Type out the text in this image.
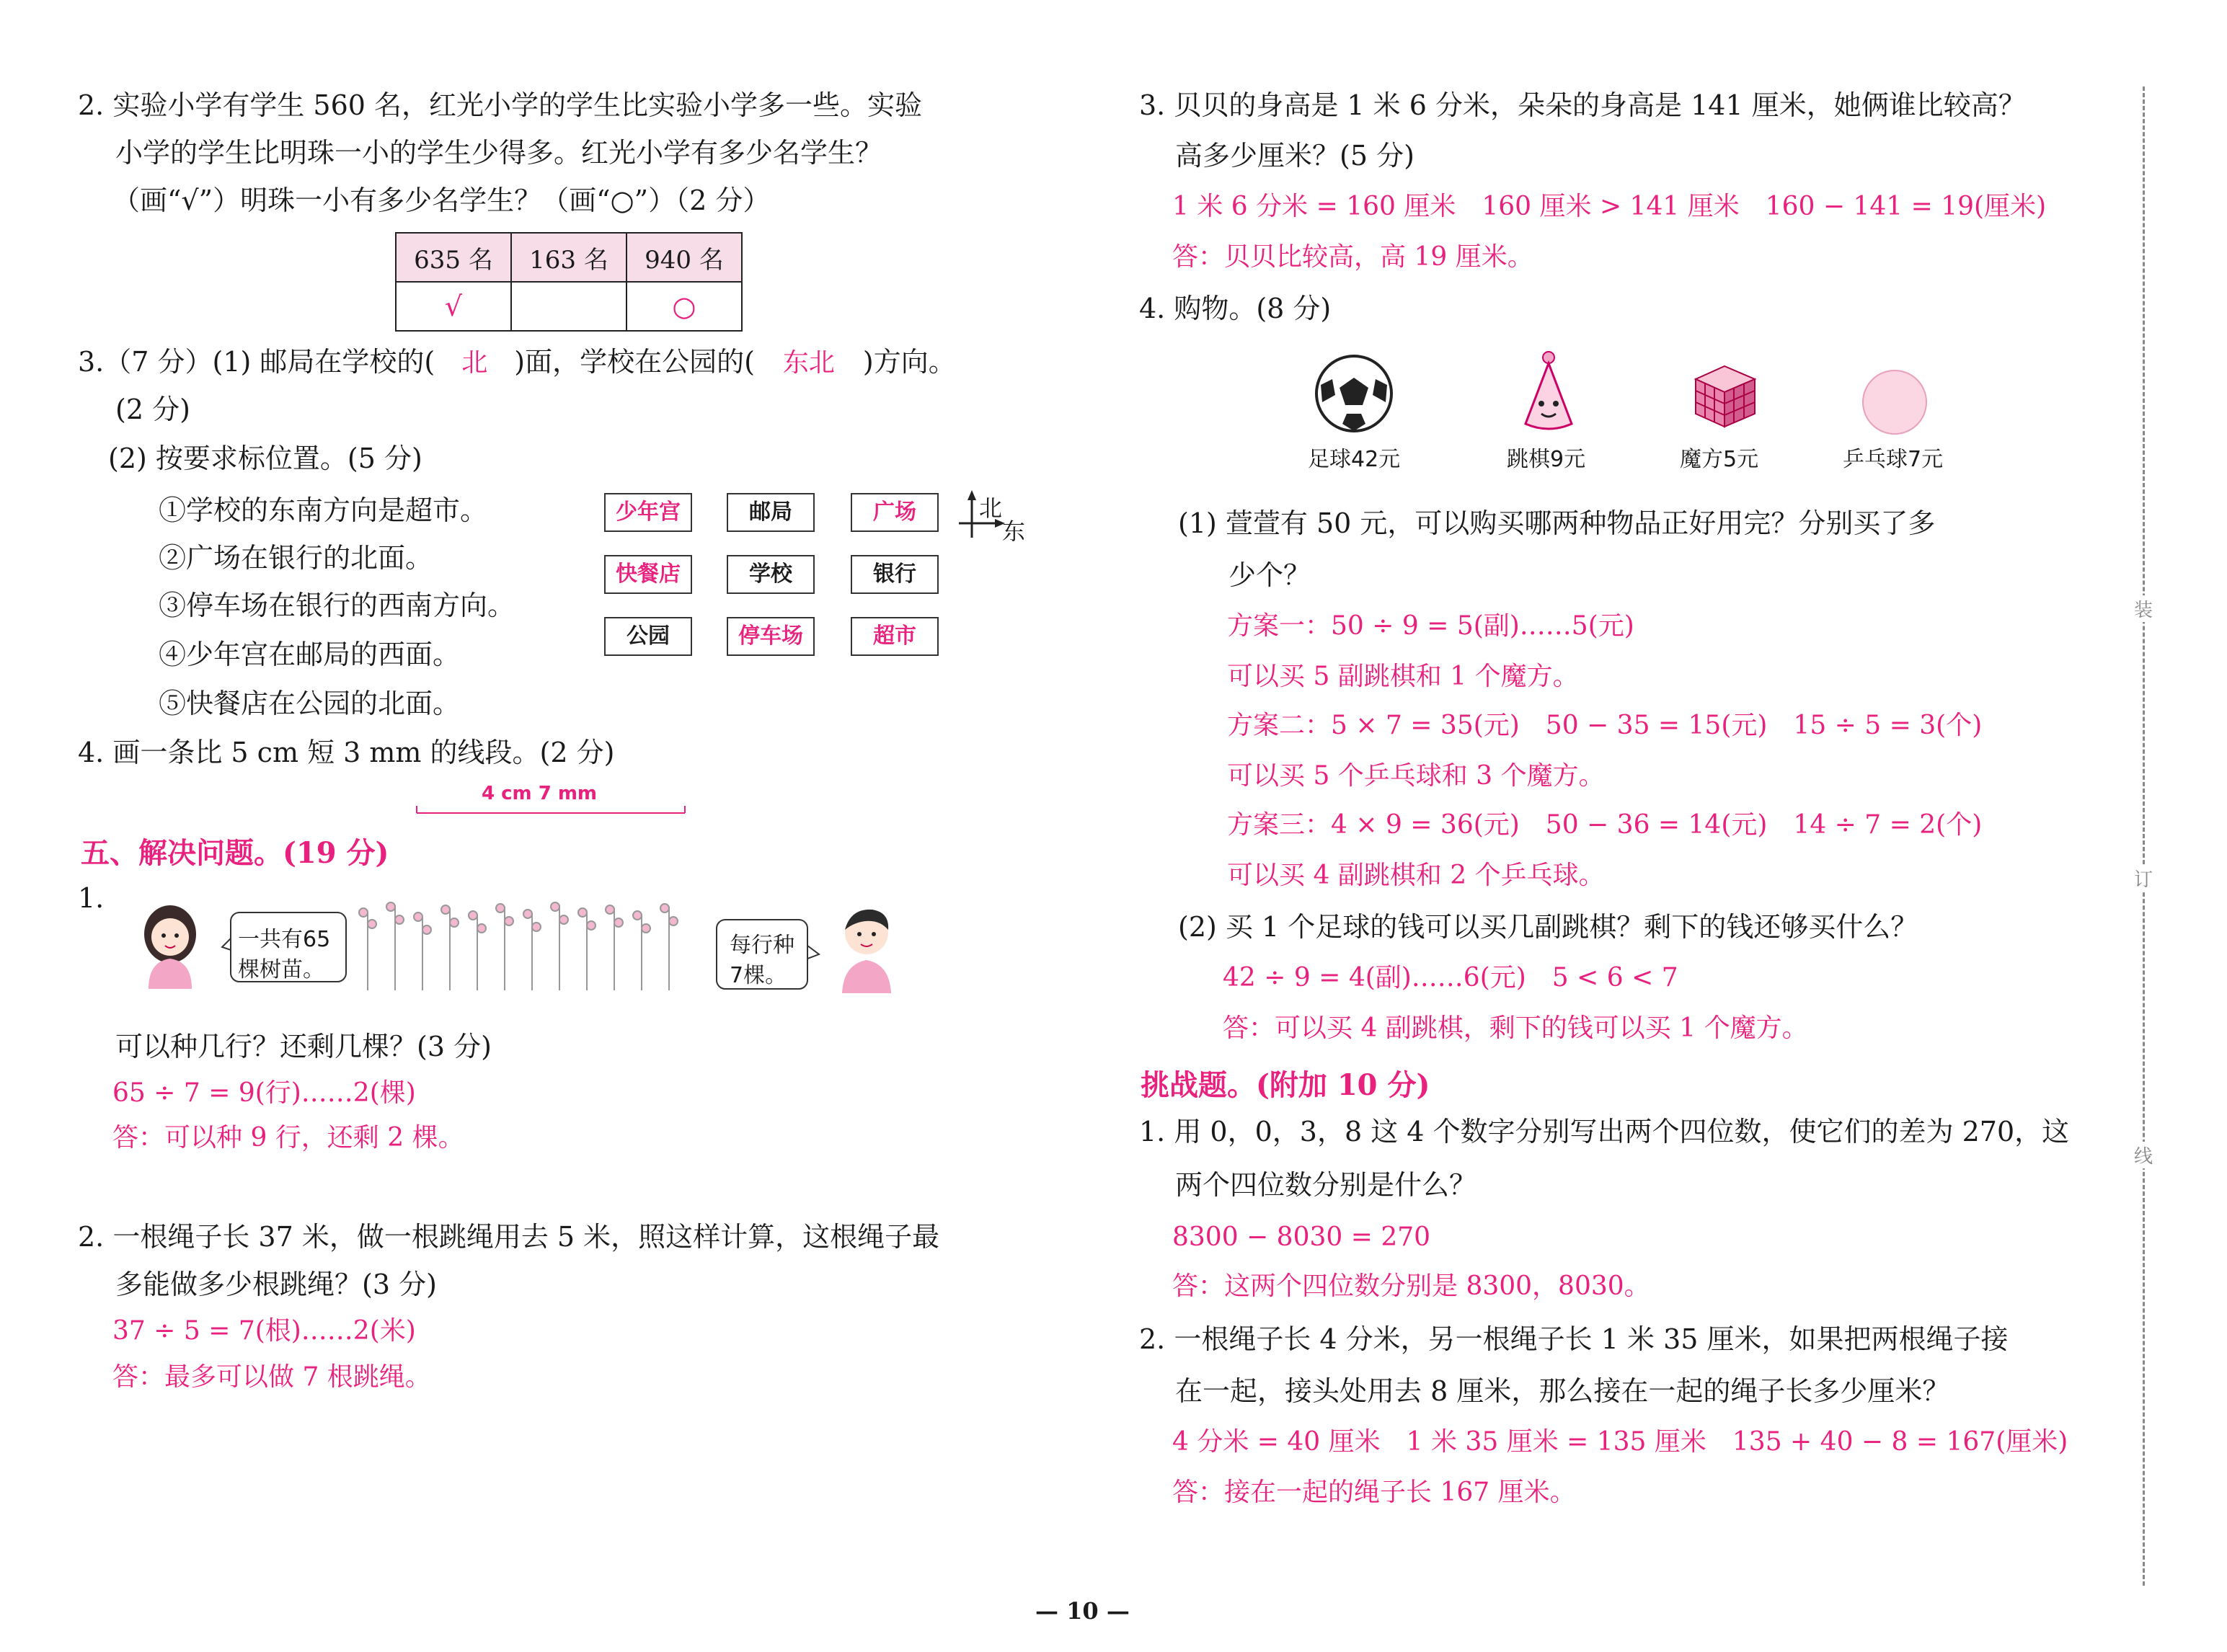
2. 实验小学有学生 560 名，红光小学的学生比实验小学多一些。实验
小学的学生比明珠一小的学生少得多。红光小学有多少名学生？
（画“√”）明珠一小有多少名学生？（画“○”）（2 分）
635 名	163 名	940 名
√		○
3.（7 分）(1) 邮局在学校的( 北 )面，学校在公园的( 东北 )方向。
(2 分)
(2) 按要求标位置。(5 分)
①学校的东南方向是超市。
②广场在银行的北面。
③停车场在银行的西南方向。
④少年宫在邮局的西面。
⑤快餐店在公园的北面。
少年宫	邮局	广场
快餐店	学校	银行
公园	停车场	超市
北
东
4. 画一条比 5 cm 短 3 mm 的线段。(2 分)
4 cm 7 mm
五、解决问题。(19 分)
1.
一共有65
棵树苗。
每行种
7棵。
可以种几行？还剩几棵？(3 分)
65 ÷ 7 = 9(行)……2(棵)
答：可以种 9 行，还剩 2 棵。
2. 一根绳子长 37 米，做一根跳绳用去 5 米，照这样计算，这根绳子最
多能做多少根跳绳？(3 分)
37 ÷ 5 = 7(根)……2(米)
答：最多可以做 7 根跳绳。
3. 贝贝的身高是 1 米 6 分米，朵朵的身高是 141 厘米，她俩谁比较高？
高多少厘米？(5 分)
1 米 6 分米 = 160 厘米　160 厘米 > 141 厘米　160 − 141 = 19(厘米)
答：贝贝比较高，高 19 厘米。
4. 购物。(8 分)
足球42元	跳棋9元	魔方5元	乒乓球7元
(1) 萱萱有 50 元，可以购买哪两种物品正好用完？分别买了多
少个？
方案一：50 ÷ 9 = 5(副)……5(元)
可以买 5 副跳棋和 1 个魔方。
方案二：5 × 7 = 35(元)　50 − 35 = 15(元)　15 ÷ 5 = 3(个)
可以买 5 个乒乓球和 3 个魔方。
方案三：4 × 9 = 36(元)　50 − 36 = 14(元)　14 ÷ 7 = 2(个)
可以买 4 副跳棋和 2 个乒乓球。
(2) 买 1 个足球的钱可以买几副跳棋？剩下的钱还够买什么？
42 ÷ 9 = 4(副)……6(元)　5 < 6 < 7
答：可以买 4 副跳棋，剩下的钱可以买 1 个魔方。
挑战题。(附加 10 分)
1. 用 0，0，3，8 这 4 个数字分别写出两个四位数，使它们的差为 270，这
两个四位数分别是什么？
8300 − 8030 = 270
答：这两个四位数分别是 8300，8030。
2. 一根绳子长 4 分米，另一根绳子长 1 米 35 厘米，如果把两根绳子接
在一起，接头处用去 8 厘米，那么接在一起的绳子长多少厘米？
4 分米 = 40 厘米　1 米 35 厘米 = 135 厘米　135 + 40 − 8 = 167(厘米)
答：接在一起的绳子长 167 厘米。
装
订
线
— 10 —
